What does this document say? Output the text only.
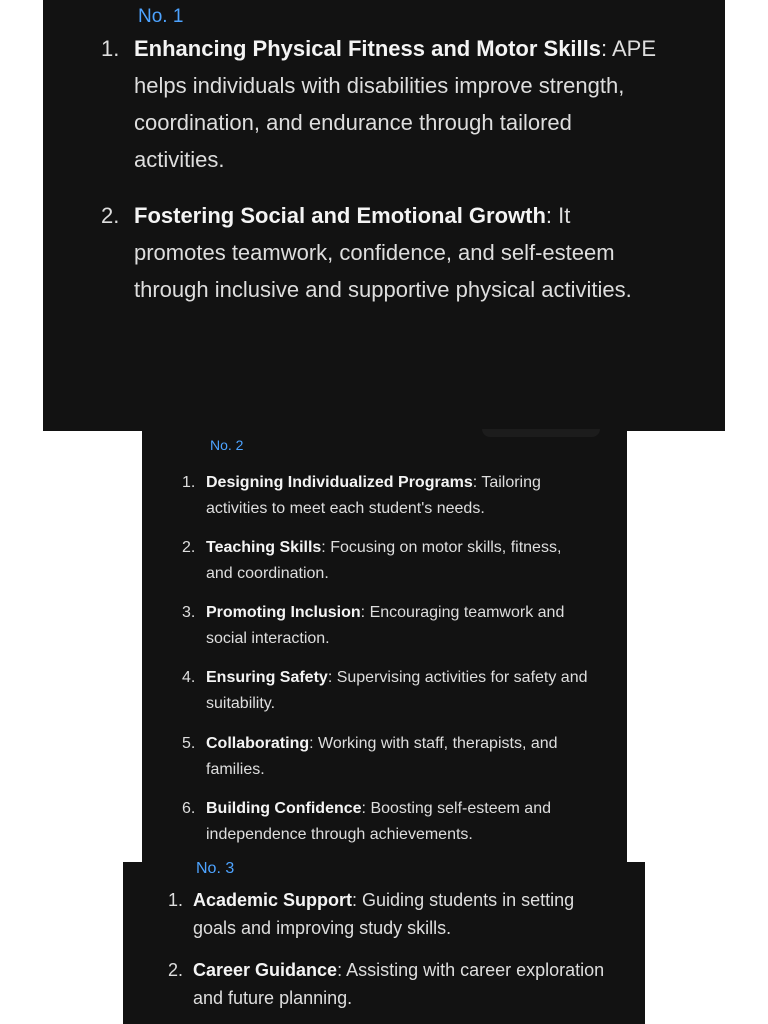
No. 1
1. Enhancing Physical Fitness and Motor Skills: APE helps individuals with disabilities improve strength, coordination, and endurance through tailored activities.
2. Fostering Social and Emotional Growth: It promotes teamwork, confidence, and self-esteem through inclusive and supportive physical activities.
No. 2
1. Designing Individualized Programs: Tailoring activities to meet each student's needs.
2. Teaching Skills: Focusing on motor skills, fitness, and coordination.
3. Promoting Inclusion: Encouraging teamwork and social interaction.
4. Ensuring Safety: Supervising activities for safety and suitability.
5. Collaborating: Working with staff, therapists, and families.
6. Building Confidence: Boosting self-esteem and independence through achievements.
No. 3
1. Academic Support: Guiding students in setting goals and improving study skills.
2. Career Guidance: Assisting with career exploration and future planning.
